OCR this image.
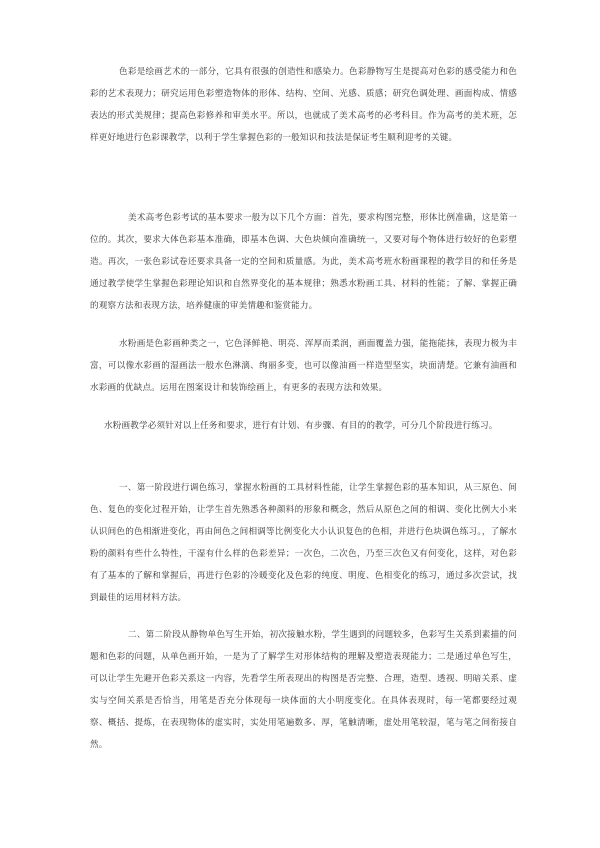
色彩是绘画艺术的一部分，它具有很强的创造性和感染力。色彩静物写生是提高对色彩的感受能力和色彩的艺术表现力；研究运用色彩塑造物体的形体、结构、空间、光感、质感；研究色调处理、画面构成、情感表达的形式美规律；提高色彩修养和审美水平。所以，也就成了美术高考的必考科目。作为高考的美术班，怎样更好地进行色彩课教学，以利于学生掌握色彩的一般知识和技法是保证考生顺利迎考的关键。

美术高考色彩考试的基本要求一般为以下几个方面：首先，要求构图完整，形体比例准确，这是第一位的。其次，要求大体色彩基本准确，即基本色调、大色块倾向准确统一，又要对每个物体进行较好的色彩塑造。再次，一张色彩试卷还要求具备一定的空间和质量感。为此，美术高考班水粉画课程的教学目的和任务是通过教学使学生掌握色彩理论知识和自然界变化的基本规律；熟悉水粉画工具、材料的性能；了解、掌握正确的观察方法和表现方法，培养健康的审美情趣和鉴赏能力。

水粉画是色彩画种类之一，它色泽鲜艳、明亮、浑厚而柔润，画面覆盖力强，能拖能抹，表现力极为丰富，可以像水彩画的湿画法一般水色淋漓、绚丽多变，也可以像油画一样造型坚实，块面清楚。它兼有油画和水彩画的优缺点。运用在图案设计和装饰绘画上，有更多的表现方法和效果。

水粉画教学必须针对以上任务和要求，进行有计划、有步骤、有目的的教学，可分几个阶段进行练习。

一、第一阶段进行调色练习，掌握水粉画的工具材料性能，让学生掌握色彩的基本知识，从三原色、间色、复色的变化过程开始，让学生首先熟悉各种颜料的形象和概念，然后从原色之间的相调、变化比例大小来认识间色的色相渐进变化，再由间色之间相调等比例变化大小认识复色的色相，并进行色块调色练习。，了解水粉的颜料有些什么特性，干湿有什么样的色彩差异；一次色，二次色，乃至三次色又有何变化，这样，对色彩有了基本的了解和掌握后，再进行色彩的冷暖变化及色彩的纯度、明度、色相变化的练习，通过多次尝试，找到最佳的运用材料方法。

二、第二阶段从静物单色写生开始，初次接触水粉，学生遇到的问题较多，色彩写生关系到素描的问题和色彩的问题，从单色画开始，一是为了了解学生对形体结构的理解及塑造表现能力；二是通过单色写生，可以让学生先避开色彩关系这一内容，先看学生所表现出的构图是否完整、合理，造型、透视、明暗关系、虚实与空间关系是否恰当，用笔是否充分体现每一块体面的大小明度变化。在具体表现时，每一笔都要经过观察、概括、提炼，在表现物体的虚实时，实处用笔遍数多、厚，笔触清晰，虚处用笔较湿，笔与笔之间衔接自然。
